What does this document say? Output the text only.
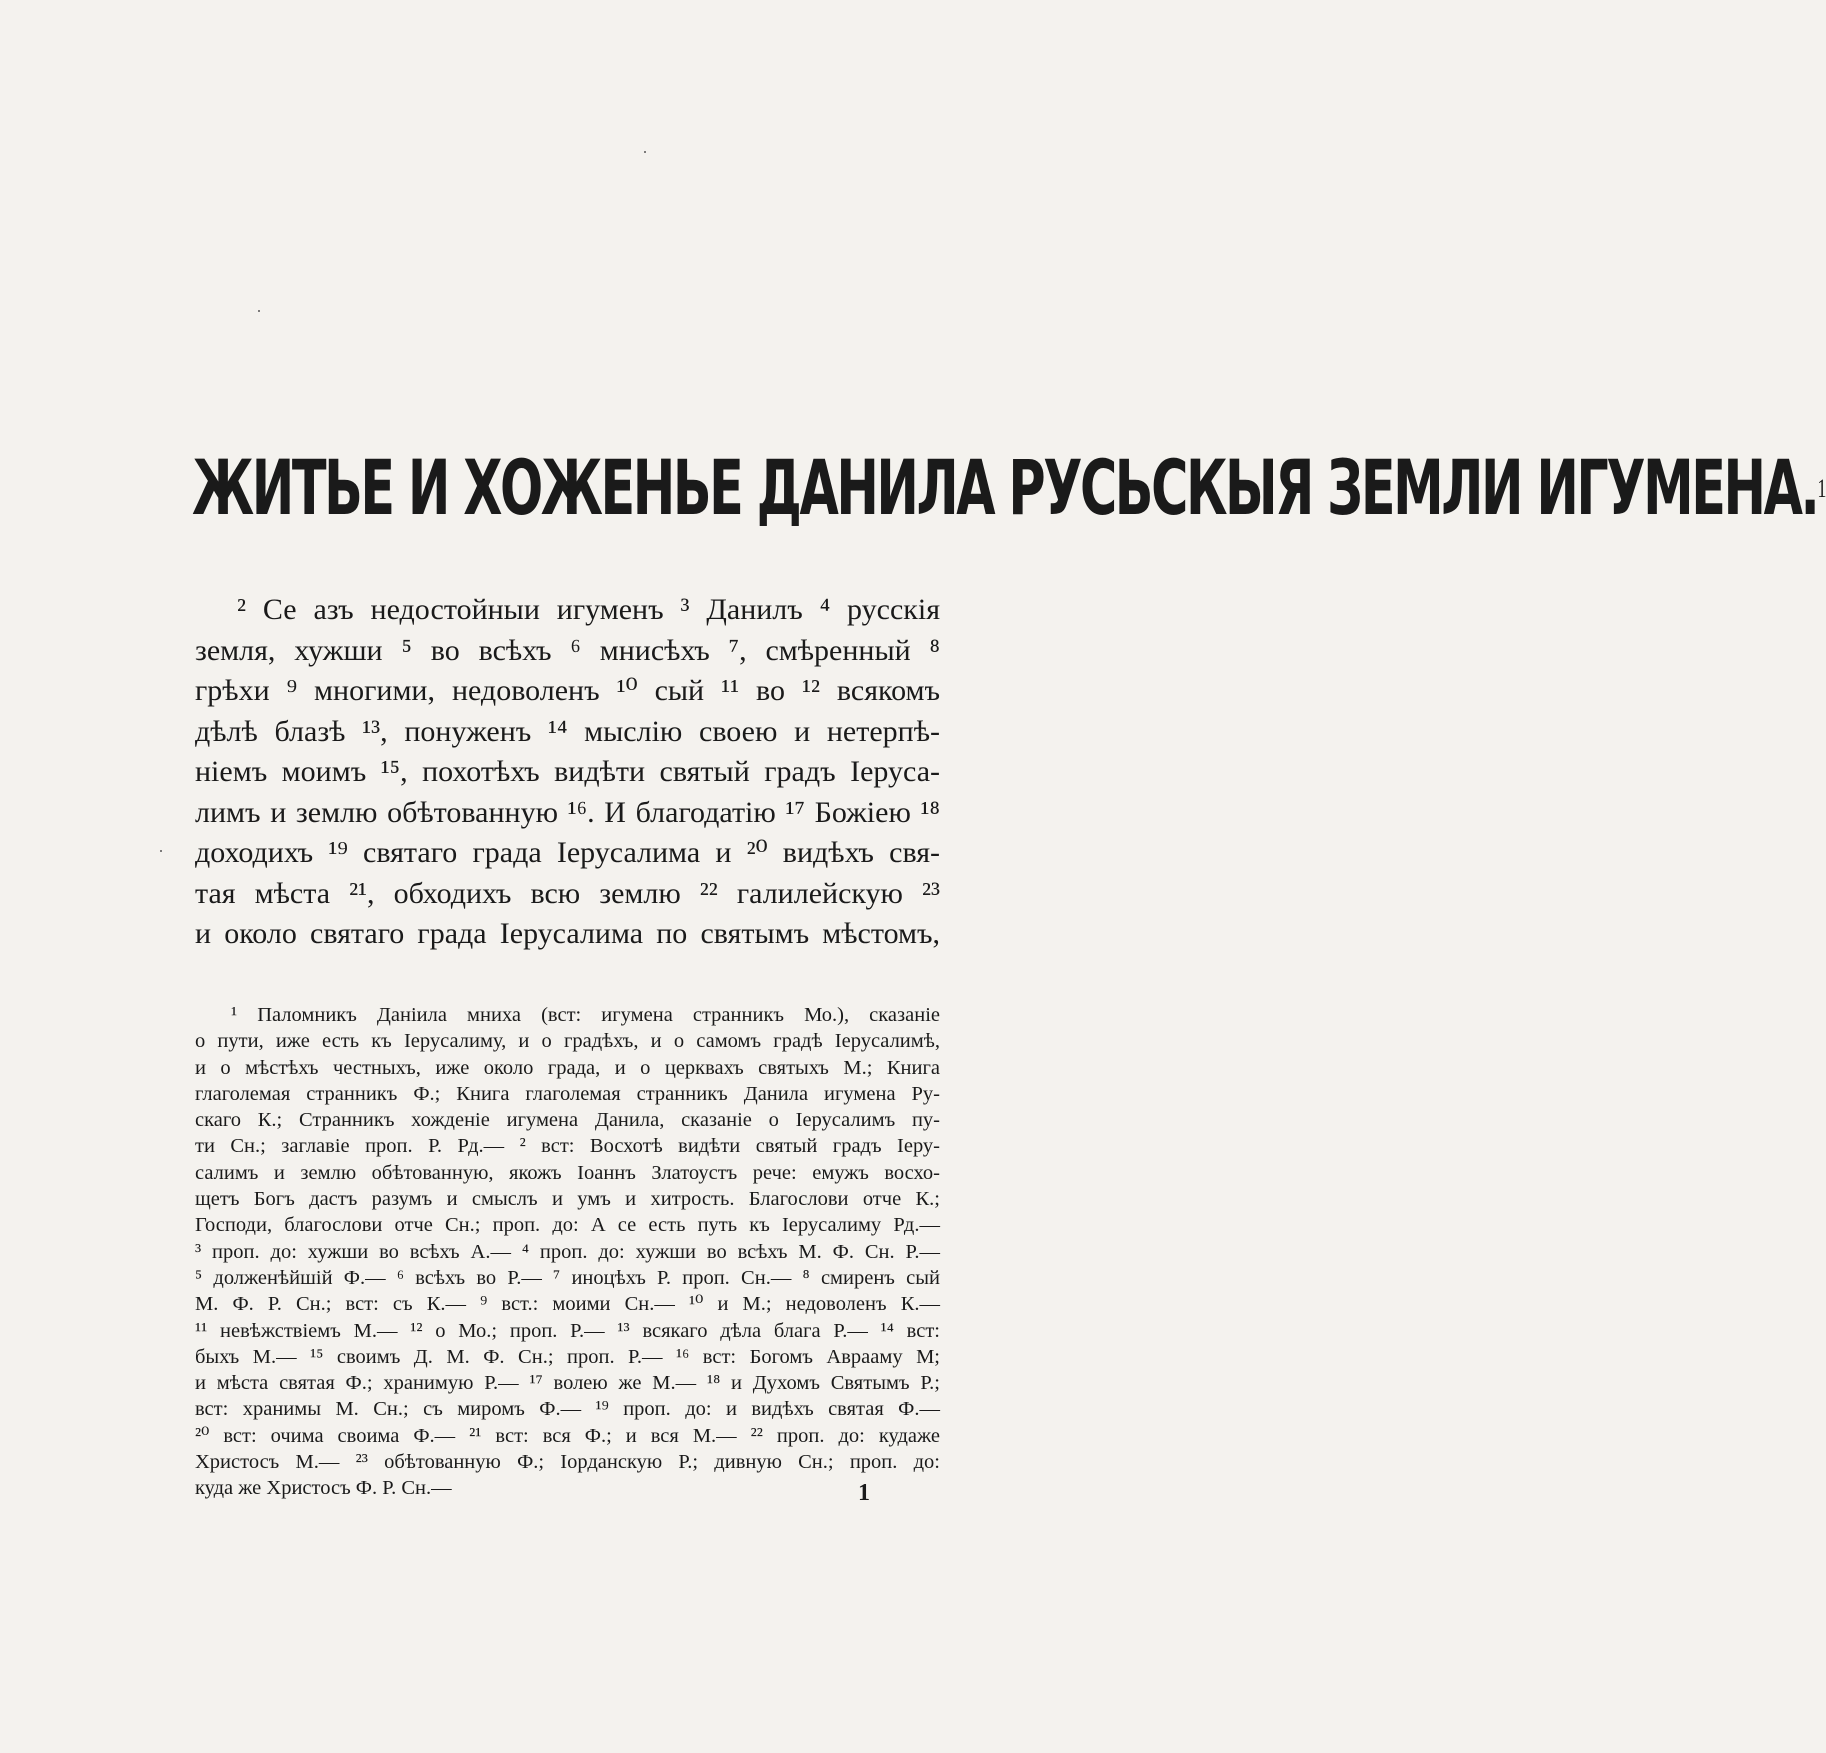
ЖИТЬЕ И ХОЖЕНЬЕ ДАНИЛА РУСЬСКЫЯ ЗЕМЛИ ИГУМЕНА.$^1$
² Се азъ недостойныи игуменъ ³ Данилъ ⁴ русскія
земля, хужши ⁵ во всѣхъ ⁶ мнисѣхъ ⁷, смѣренный ⁸
грѣхи ⁹ многими, недоволенъ ¹⁰ сый ¹¹ во ¹² всякомъ
дѣлѣ блазѣ ¹³, понуженъ ¹⁴ мыслію своею и нетерпѣ-
ніемъ моимъ ¹⁵, похотѣхъ видѣти святый градъ Іеруса-
лимъ и землю обѣтованную ¹⁶. И благодатію ¹⁷ Божіею ¹⁸
доходихъ ¹⁹ святаго града Іерусалима и ²⁰ видѣхъ свя-
тая мѣста ²¹, обходихъ всю землю ²² галилейскую ²³
и около святаго града Іерусалима по святымъ мѣстомъ,
¹ Паломникъ Даніила мниха (вст: игумена странникъ Мо.), сказаніе
о пути, иже есть къ Іерусалиму, и о градѣхъ, и о самомъ градѣ Іерусалимѣ,
и о мѣстѣхъ честныхъ, иже около града, и о церквахъ святыхъ М.; Книга
глаголемая странникъ Ф.; Книга глаголемая странникъ Данила игумена Ру-
скаго К.; Странникъ хожденіе игумена Данила, сказаніе о Іерусалимъ пу-
ти Сн.; заглавіе проп. Р. Рд.— ² вст: Восхотѣ видѣти святый градъ Іеру-
салимъ и землю обѣтованную, якожъ Іоаннъ Златоустъ рече: емужъ восхо-
щетъ Богъ дастъ разумъ и смыслъ и умъ и хитрость. Благослови отче К.;
Господи, благослови отче Сн.; проп. до: А се есть путь къ Іерусалиму Рд.—
³ проп. до: хужши во всѣхъ А.— ⁴ проп. до: хужши во всѣхъ М. Ф. Сн. Р.—
⁵ долженѣйшій Ф.— ⁶ всѣхъ во Р.— ⁷ иноцѣхъ Р. проп. Сн.— ⁸ смиренъ сый
М. Ф. Р. Сн.; вст: съ К.— ⁹ вст.: моими Сн.— ¹⁰ и М.; недоволенъ К.—
¹¹ невѣжствіемъ М.— ¹² о Мо.; проп. Р.— ¹³ всякаго дѣла блага Р.— ¹⁴ вст:
быхъ М.— ¹⁵ своимъ Д. М. Ф. Сн.; проп. Р.— ¹⁶ вст: Богомъ Аврааму М;
и мѣста святая Ф.; хранимую Р.— ¹⁷ волею же М.— ¹⁸ и Духомъ Святымъ Р.;
вст: хранимы М. Сн.; съ миромъ Ф.— ¹⁹ проп. до: и видѣхъ святая Ф.—
²⁰ вст: очима своима Ф.— ²¹ вст: вся Ф.; и вся М.— ²² проп. до: кудаже
Христосъ М.— ²³ обѣтованную Ф.; Іорданскую Р.; дивную Сн.; проп. до:
куда же Христосъ Ф. Р. Сн.—	1
